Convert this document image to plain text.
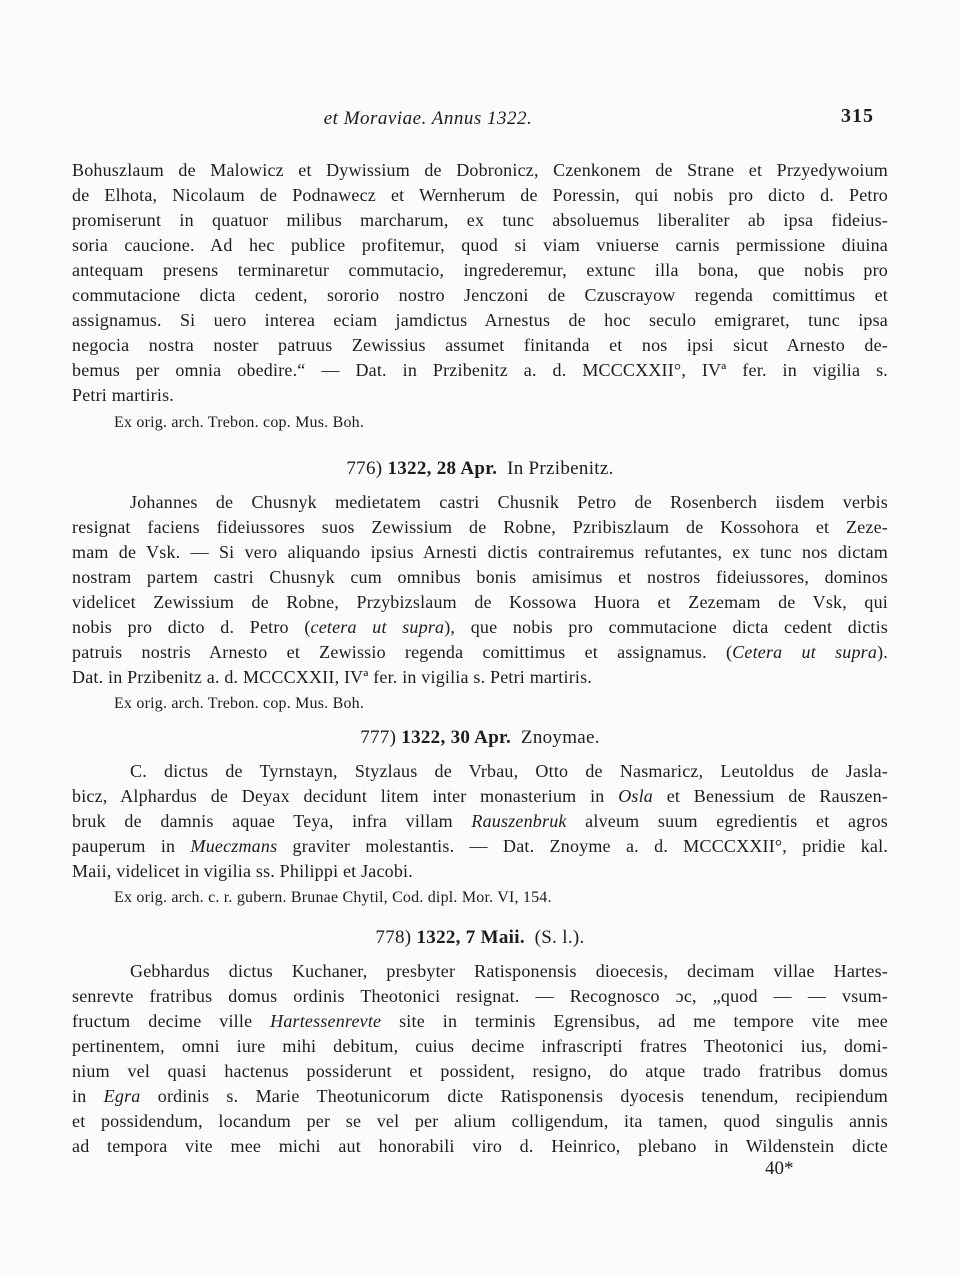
et Moraviae. Annus 1322.	315
Bohuszlaum de Malowicz et Dywissium de Dobronicz, Czenkonem de Strane et Przyedywoium
de Elhota, Nicolaum de Podnawecz et Wernherum de Poressin, qui nobis pro dicto d. Petro
promiserunt in quatuor milibus marcharum, ex tunc absoluemus liberaliter ab ipsa fideius-
soria caucione. Ad hec publice profitemur, quod si viam vniuerse carnis permissione diuina
antequam presens terminaretur commutacio, ingrederemur, extunc illa bona, que nobis pro
commutacione dicta cedent, sororio nostro Jenczoni de Czuscrayow regenda comittimus et
assignamus. Si uero interea eciam jamdictus Arnestus de hoc seculo emigraret, tunc ipsa
negocia nostra noster patruus Zewissius assumet finitanda et nos ipsi sicut Arnesto de-
bemus per omnia obedire.“ — Dat. in Przibenitz a. d. MCCCXXII°, IVª fer. in vigilia s.
Petri martiris.
Ex orig. arch. Trebon. cop. Mus. Boh.
776) 1322, 28 Apr. In Przibenitz.
Johannes de Chusnyk medietatem castri Chusnik Petro de Rosenberch iisdem verbis
resignat faciens fideiussores suos Zewissium de Robne, Pzribiszlaum de Kossohora et Zeze-
mam de Vsk. — Si vero aliquando ipsius Arnesti dictis contrairemus refutantes, ex tunc nos dictam
nostram partem castri Chusnyk cum omnibus bonis amisimus et nostros fideiussores, dominos
videlicet Zewissium de Robne, Przybizslaum de Kossowa Huora et Zezemam de Vsk, qui
nobis pro dicto d. Petro (cetera ut supra), que nobis pro commutacione dicta cedent dictis
patruis nostris Arnesto et Zewissio regenda comittimus et assignamus. (Cetera ut supra).
Dat. in Przibenitz a. d. MCCCXXII, IVª fer. in vigilia s. Petri martiris.
Ex orig. arch. Trebon. cop. Mus. Boh.
777) 1322, 30 Apr. Znoymae.
C. dictus de Tyrnstayn, Styzlaus de Vrbau, Otto de Nasmaricz, Leutoldus de Jasla-
bicz, Alphardus de Deyax decidunt litem inter monasterium in Osla et Benessium de Rauszen-
bruk de damnis aquae Teya, infra villam Rauszenbruk alveum suum egredientis et agros
pauperum in Mueczmans graviter molestantis. — Dat. Znoyme a. d. MCCCXXII°, pridie kal.
Maii, videlicet in vigilia ss. Philippi et Jacobi.
Ex orig. arch. c. r. gubern. Brunae Chytil, Cod. dipl. Mor. VI, 154.
778) 1322, 7 Maii. (S. l.).
Gebhardus dictus Kuchaner, presbyter Ratisponensis dioecesis, decimam villae Hartes-
senrevte fratribus domus ordinis Theotonici resignat. — Recognosco ɔc, „quod — — vsum-
fructum decime ville Hartessenrevte site in terminis Egrensibus, ad me tempore vite mee
pertinentem, omni iure mihi debitum, cuius decime infrascripti fratres Theotonici ius, domi-
nium vel quasi hactenus possiderunt et possident, resigno, do atque trado fratribus domus
in Egra ordinis s. Marie Theotunicorum dicte Ratisponensis dyocesis tenendum, recipiendum
et possidendum, locandum per se vel per alium colligendum, ita tamen, quod singulis annis
ad tempora vite mee michi aut honorabili viro d. Heinrico, plebano in Wildenstein dicte
40*
